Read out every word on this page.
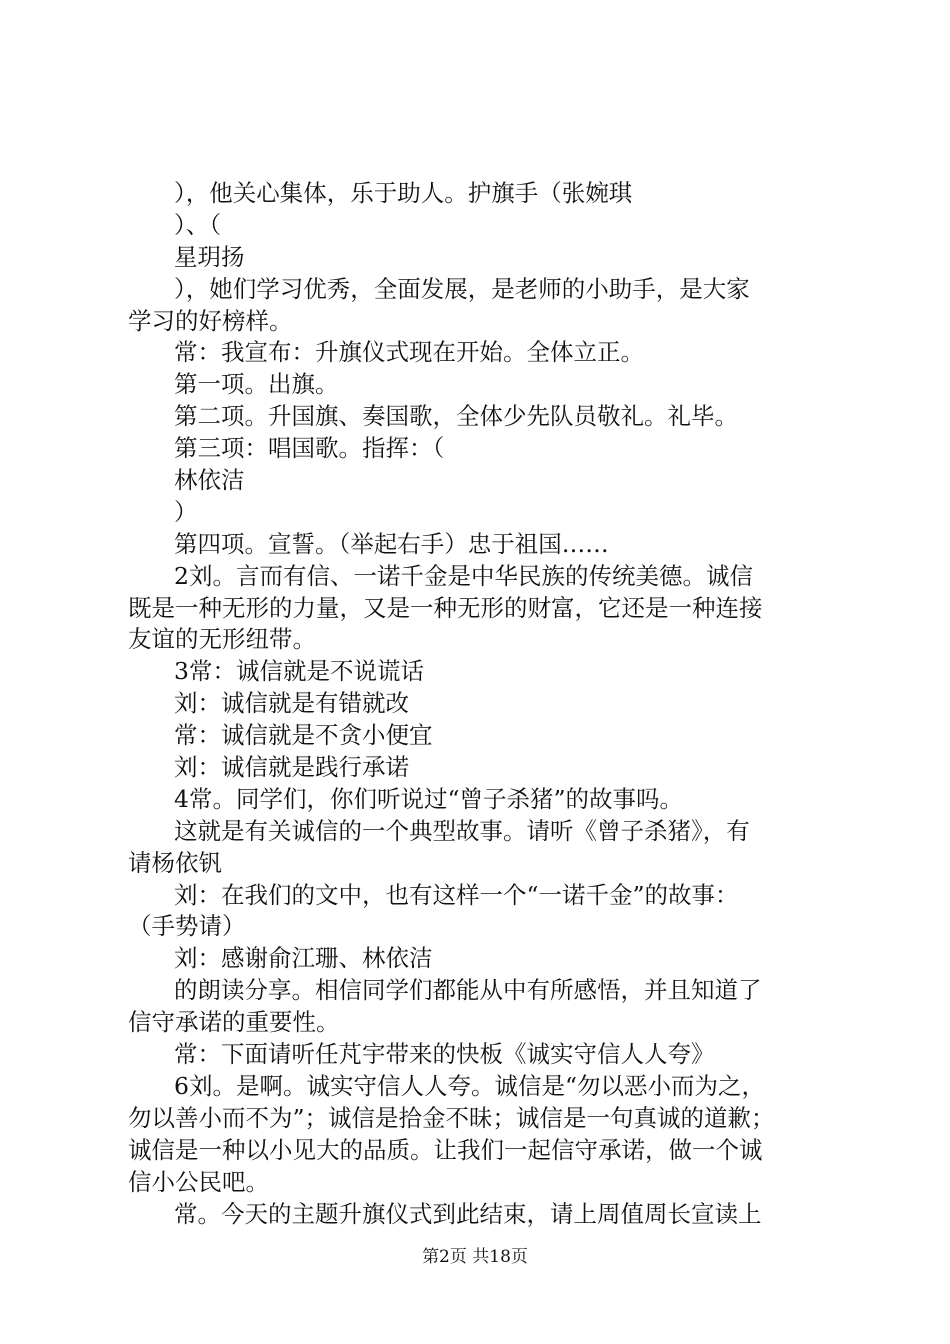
），他关心集体，乐于助人。护旗手（张婉琪
）、（
星玥扬
），她们学习优秀，全面发展，是老师的小助手，是大家
学习的好榜样。
常：我宣布：升旗仪式现在开始。全体立正。
第一项。出旗。
第二项。升国旗、奏国歌，全体少先队员敬礼。礼毕。
第三项：唱国歌。指挥：（
林依洁
）
第四项。宣誓。（举起右手）忠于祖国……
2刘。言而有信、一诺千金是中华民族的传统美德。诚信
既是一种无形的力量，又是一种无形的财富，它还是一种连接
友谊的无形纽带。
3常：诚信就是不说谎话
刘：诚信就是有错就改
常：诚信就是不贪小便宜
刘：诚信就是践行承诺
4常。同学们，你们听说过“曾子杀猪”的故事吗。
这就是有关诚信的一个典型故事。请听《曾子杀猪》，有
请杨依钒
刘：在我们的文中，也有这样一个“一诺千金”的故事：
（手势请）
刘：感谢俞江珊、林依洁
的朗读分享。相信同学们都能从中有所感悟，并且知道了
信守承诺的重要性。
常：下面请听任芃宇带来的快板《诚实守信人人夸》
6刘。是啊。诚实守信人人夸。诚信是“勿以恶小而为之，
勿以善小而不为”；诚信是拾金不昧；诚信是一句真诚的道歉；
诚信是一种以小见大的品质。让我们一起信守承诺，做一个诚
信小公民吧。
常。今天的主题升旗仪式到此结束，请上周值周长宣读上
第2页 共18页
